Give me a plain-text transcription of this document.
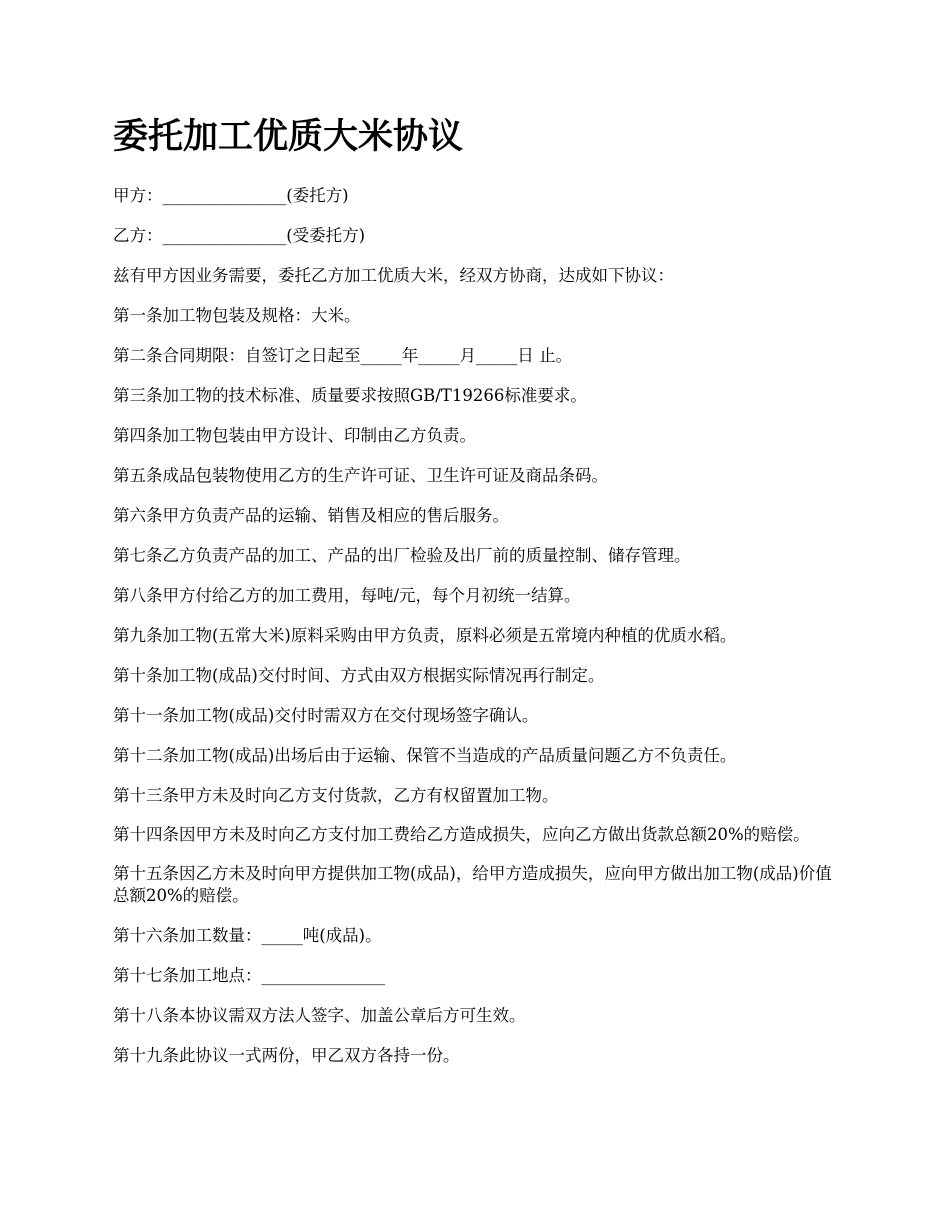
委托加工优质大米协议

甲方：_______________(委托方)

乙方：_______________(受委托方)

兹有甲方因业务需要，委托乙方加工优质大米，经双方协商，达成如下协议：

第一条加工物包装及规格：大米。

第二条合同期限：自签订之日起至_____年_____月_____日 止。

第三条加工物的技术标准、质量要求按照GB/T19266标准要求。

第四条加工物包装由甲方设计、印制由乙方负责。

第五条成品包装物使用乙方的生产许可证、卫生许可证及商品条码。

第六条甲方负责产品的运输、销售及相应的售后服务。

第七条乙方负责产品的加工、产品的出厂检验及出厂前的质量控制、储存管理。

第八条甲方付给乙方的加工费用，每吨/元，每个月初统一结算。

第九条加工物(五常大米)原料采购由甲方负责，原料必须是五常境内种植的优质水稻。

第十条加工物(成品)交付时间、方式由双方根据实际情况再行制定。

第十一条加工物(成品)交付时需双方在交付现场签字确认。

第十二条加工物(成品)出场后由于运输、保管不当造成的产品质量问题乙方不负责任。

第十三条甲方未及时向乙方支付货款，乙方有权留置加工物。

第十四条因甲方未及时向乙方支付加工费给乙方造成损失，应向乙方做出货款总额20%的赔偿。

第十五条因乙方未及时向甲方提供加工物(成品)，给甲方造成损失，应向甲方做出加工物(成品)价值总额20%的赔偿。

第十六条加工数量：_____吨(成品)。

第十七条加工地点：_______________

第十八条本协议需双方法人签字、加盖公章后方可生效。

第十九条此协议一式两份，甲乙双方各持一份。
